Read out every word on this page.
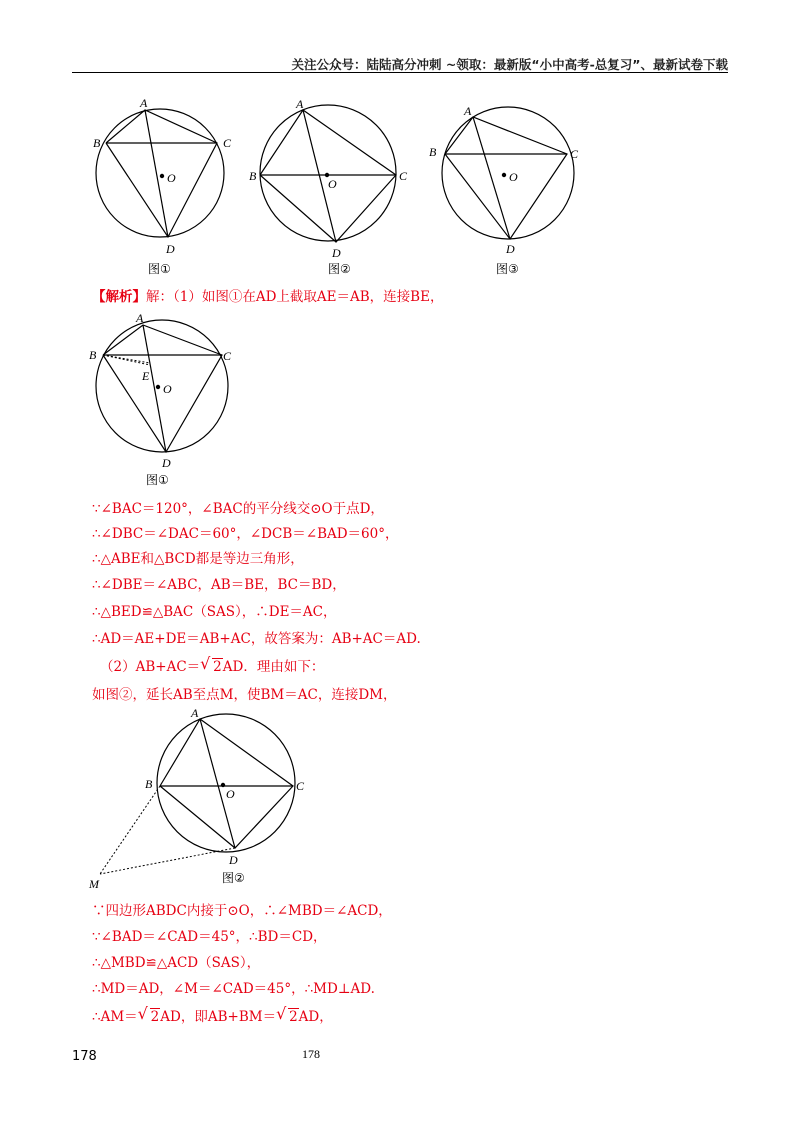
关注公众号：陆陆高分冲刺 ~领取：最新版“小中高考-总复习”、最新试卷下载
A
B	C
D
O
图①
A
B	C
D
O
图②
A
B	C
D
O
图③
【解析】解：（1）如图①在AD上截取AE＝AB，连接BE，
A
B	C
E
O
D
图①
∵∠BAC＝120°，∠BAC的平分线交⊙O于点D，
∴∠DBC＝∠DAC＝60°，∠DCB＝∠BAD＝60°，
∴△ABE和△BCD都是等边三角形，
∴∠DBE＝∠ABC，AB＝BE，BC＝BD，
∴△BED≌△BAC（SAS），∴DE＝AC，
∴AD＝AE+DE＝AB+AC，故答案为：AB+AC＝AD.
（2）AB+AC＝ √ 2AD．理由如下：
如图②，延长AB至点M，使BM＝AC，连接DM，
A
B	C
O
D
M	图②
∵四边形ABDC内接于⊙O，∴∠MBD＝∠ACD，
∵∠BAD＝∠CAD＝45°，∴BD＝CD，
∴△MBD≌△ACD（SAS），
∴MD＝AD，∠M＝∠CAD＝45°，∴MD⊥AD.
∴AM＝ √ 2AD，即AB+BM＝ √ 2AD，
178	178
